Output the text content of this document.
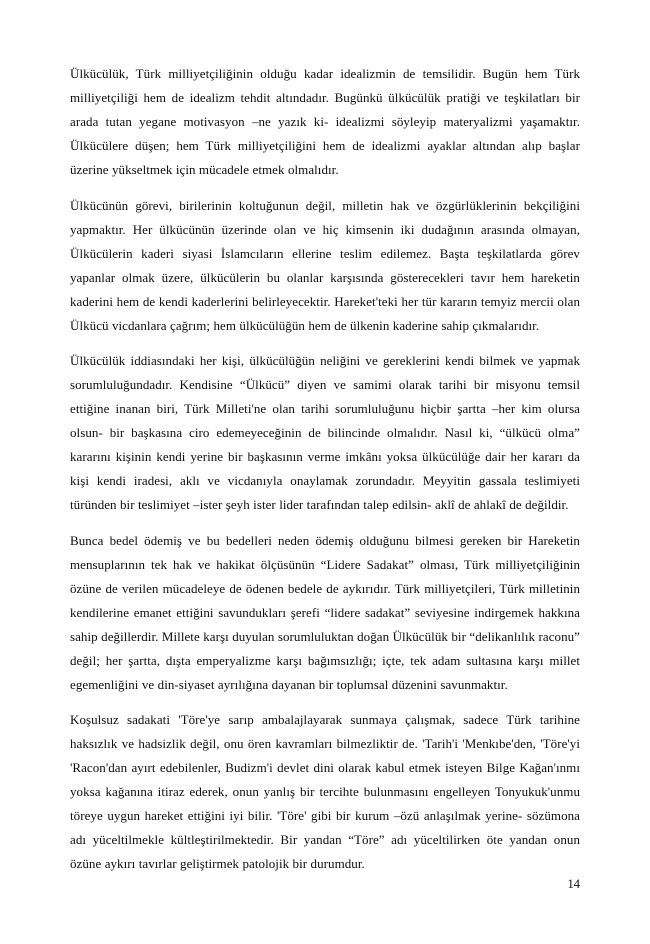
Ülkücülük, Türk milliyetçiliğinin olduğu kadar idealizmin de temsilidir. Bugün hem Türk milliyetçiliği hem de idealizm tehdit altındadır. Bugünkü ülkücülük pratiği ve teşkilatları bir arada tutan yegane motivasyon –ne yazık ki- idealizmi söyleyip materyalizmi yaşamaktır. Ülkücülere düşen; hem Türk milliyetçiliğini hem de idealizmi ayaklar altından alıp başlar üzerine yükseltmek için mücadele etmek olmalıdır.

Ülkücünün görevi, birilerinin koltuğunun değil, milletin hak ve özgürlüklerinin bekçiliğini yapmaktır. Her ülkücünün üzerinde olan ve hiç kimsenin iki dudağının arasında olmayan, Ülkücülerin kaderi siyasi İslamcıların ellerine teslim edilemez. Başta teşkilatlarda görev yapanlar olmak üzere, ülkücülerin bu olanlar karşısında gösterecekleri tavır hem hareketin kaderini hem de kendi kaderlerini belirleyecektir. Hareket'teki her tür kararın temyiz mercii olan Ülkücü vicdanlara çağrım; hem ülkücülüğün hem de ülkenin kaderine sahip çıkmalarıdır.

Ülkücülük iddiasındaki her kişi, ülkücülüğün neliğini ve gereklerini kendi bilmek ve yapmak sorumluluğundadır. Kendisine “Ülkücü” diyen ve samimi olarak tarihi bir misyonu temsil ettiğine inanan biri, Türk Milleti'ne olan tarihi sorumluluğunu hiçbir şartta –her kim olursa olsun- bir başkasına ciro edemeyeceğinin de bilincinde olmalıdır. Nasıl ki, “ülkücü olma” kararını kişinin kendi yerine bir başkasının verme imkânı yoksa ülkücülüğe dair her kararı da kişi kendi iradesi, aklı ve vicdanıyla onaylamak zorundadır. Meyyitin gassala teslimiyeti türünden bir teslimiyet –ister şeyh ister lider tarafından talep edilsin- aklî de ahlakî de değildir.

Bunca bedel ödemiş ve bu bedelleri neden ödemiş olduğunu bilmesi gereken bir Hareketin mensuplarının tek hak ve hakikat ölçüsünün “Lidere Sadakat” olması, Türk milliyetçiliğinin özüne de verilen mücadeleye de ödenen bedele de aykırıdır. Türk milliyetçileri, Türk milletinin kendilerine emanet ettiğini savundukları şerefi “lidere sadakat” seviyesine indirgemek hakkına sahip değillerdir. Millete karşı duyulan sorumluluktan doğan Ülkücülük bir “delikanlılık raconu” değil; her şartta, dışta emperyalizme karşı bağımsızlığı; içte, tek adam sultasına karşı millet egemenliğini ve din-siyaset ayrılığına dayanan bir toplumsal düzenini savunmaktır.

Koşulsuz sadakati 'Töre'ye sarıp ambalajlayarak sunmaya çalışmak, sadece Türk tarihine haksızlık ve hadsizlik değil, onu ören kavramları bilmezliktir de. 'Tarih'i 'Menkıbe'den, 'Töre'yi 'Racon'dan ayırt edebilenler, Budizm'i devlet dini olarak kabul etmek isteyen Bilge Kağan'ınmı yoksa kağanına itiraz ederek, onun yanlış bir tercihte bulunmasını engelleyen Tonyukuk'unmu töreye uygun hareket ettiğini iyi bilir. 'Töre' gibi bir kurum –özü anlaşılmak yerine- sözümona adı yüceltilmekle kültleştirilmektedir. Bir yandan “Töre” adı yüceltilirken öte yandan onun özüne aykırı tavırlar geliştirmek patolojik bir durumdur.

14
